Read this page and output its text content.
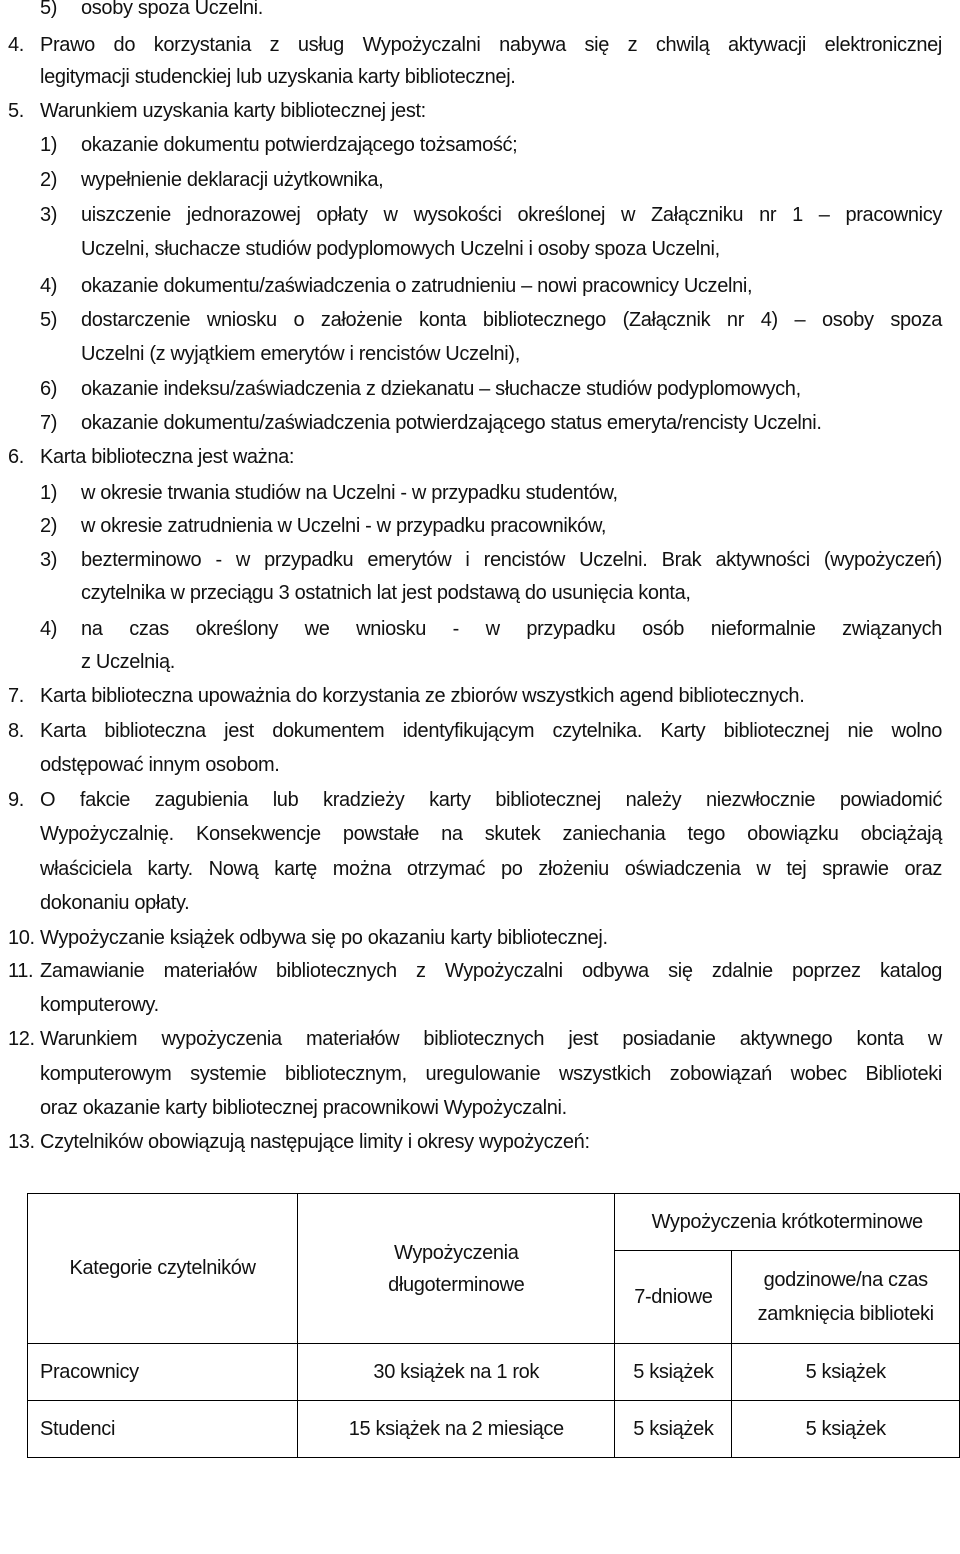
5) osoby spoza Uczelni.
4. Prawo do korzystania z usług Wypożyczalni nabywa się z chwilą aktywacji elektronicznej
legitymacji studenckiej lub uzyskania karty bibliotecznej.
5. Warunkiem uzyskania karty bibliotecznej jest:
1) okazanie dokumentu potwierdzającego tożsamość;
2) wypełnienie deklaracji użytkownika,
3) uiszczenie jednorazowej opłaty w wysokości określonej w Załączniku nr 1 – pracownicy
Uczelni, słuchacze studiów podyplomowych Uczelni i osoby spoza Uczelni,
4) okazanie dokumentu/zaświadczenia o zatrudnieniu – nowi pracownicy Uczelni,
5) dostarczenie wniosku o założenie konta bibliotecznego (Załącznik nr 4) – osoby spoza
Uczelni (z wyjątkiem emerytów i rencistów Uczelni),
6) okazanie indeksu/zaświadczenia z dziekanatu – słuchacze studiów podyplomowych,
7) okazanie dokumentu/zaświadczenia potwierdzającego status emeryta/rencisty Uczelni.
6. Karta biblioteczna jest ważna:
1) w okresie trwania studiów na Uczelni - w przypadku studentów,
2) w okresie zatrudnienia w Uczelni - w przypadku pracowników,
3) bezterminowo - w przypadku emerytów i rencistów Uczelni. Brak aktywności (wypożyczeń)
czytelnika w przeciągu 3 ostatnich lat jest podstawą do usunięcia konta,
4) na czas określony we wniosku - w przypadku osób nieformalnie związanych
z Uczelnią.
7. Karta biblioteczna upoważnia do korzystania ze zbiorów wszystkich agend bibliotecznych.
8. Karta biblioteczna jest dokumentem identyfikującym czytelnika. Karty bibliotecznej nie wolno
odstępować innym osobom.
9. O fakcie zagubienia lub kradzieży karty bibliotecznej należy niezwłocznie powiadomić
Wypożyczalnię. Konsekwencje powstałe na skutek zaniechania tego obowiązku obciążają
właściciela karty. Nową kartę można otrzymać po złożeniu oświadczenia w tej sprawie oraz
dokonaniu opłaty.
10. Wypożyczanie książek odbywa się po okazaniu karty bibliotecznej.
11. Zamawianie materiałów bibliotecznych z Wypożyczalni odbywa się zdalnie poprzez katalog
komputerowy.
12. Warunkiem wypożyczenia materiałów bibliotecznych jest posiadanie aktywnego konta w
komputerowym systemie bibliotecznym, uregulowanie wszystkich zobowiązań wobec Biblioteki
oraz okazanie karty bibliotecznej pracownikowi Wypożyczalni.
13. Czytelników obowiązują następujące limity i okresy wypożyczeń:
Kategorie czytelników	Wypożyczenia długoterminowe	Wypożyczenia krótkoterminowe	
		7-dniowe	godzinowe/na czas zamknięcia biblioteki
Pracownicy	30 książek na 1 rok	5 książek	5 książek
Studenci	15 książek na 2 miesiące	5 książek	5 książek
